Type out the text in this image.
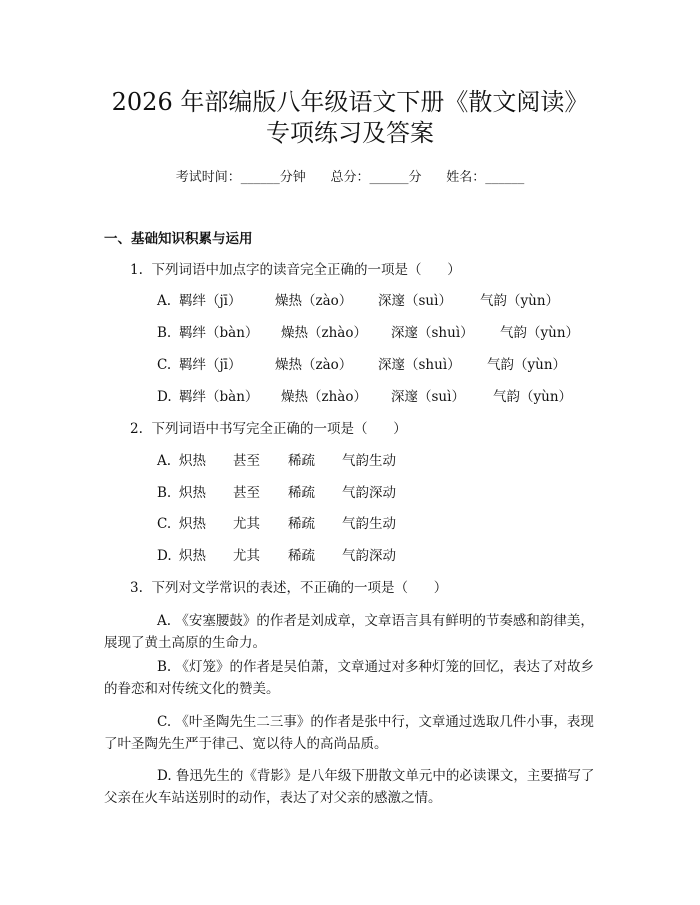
2026 年部编版八年级语文下册《散文阅读》
专项练习及答案
考试时间：______分钟      总分：______分      姓名：______
一、基础知识积累与运用
1.  下列词语中加点字的读音完全正确的一项是（      ）

A.

羁绊（jī）

燥热（zào）

深邃（suì）

气韵（yùn）

B.

羁绊（bàn）

燥热（zhào）

深邃（shuì）

气韵（yùn）

C.

羁绊（jī）

燥热（zào）

深邃（shuì）

气韵（yùn）

D.

羁绊（bàn）

燥热（zhào）

深邃（suì）

气韵（yùn）

2.  下列词语中书写完全正确的一项是（      ）

A.

炽热

甚至

稀疏

气韵生动

B.

炽热

甚至

稀疏

气韵深动

C.

炽热

尤其

稀疏

气韵生动

D.

炽热

尤其

稀疏

气韵深动

3.  下列对文学常识的表述，不正确的一项是（      ）
A. 《安塞腰鼓》的作者是刘成章，文章语言具有鲜明的节奏感和韵律美，展现了黄土高原的生命力。
B. 《灯笼》的作者是吴伯萧，文章通过对多种灯笼的回忆，表达了对故乡的眷恋和对传统文化的赞美。
C. 《叶圣陶先生二三事》的作者是张中行，文章通过选取几件小事，表现了叶圣陶先生严于律己、宽以待人的高尚品质。
D. 鲁迅先生的《背影》是八年级下册散文单元中的必读课文，主要描写了父亲在火车站送别时的动作，表达了对父亲的感激之情。
